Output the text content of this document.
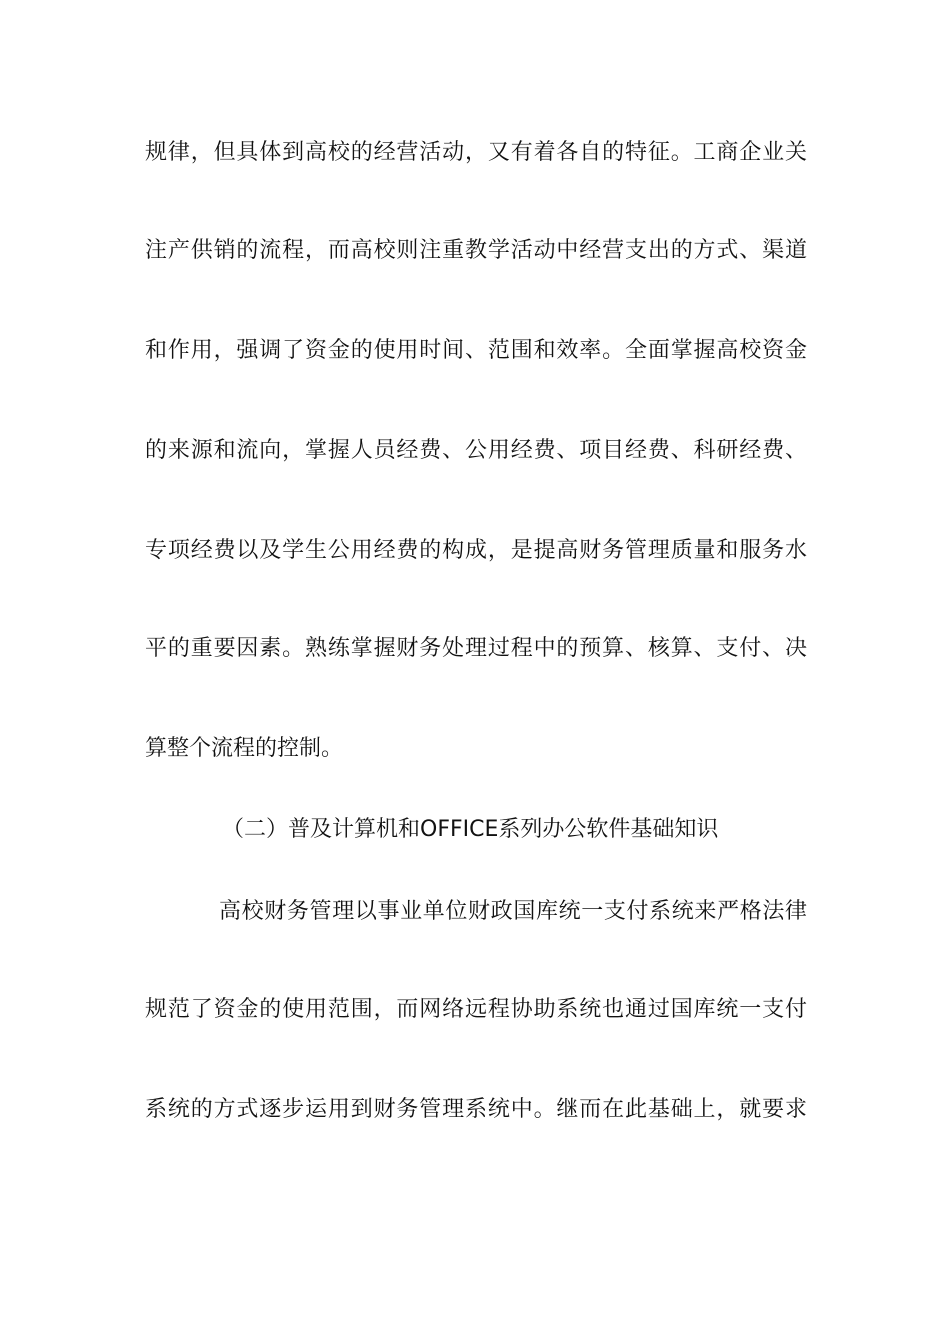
规律，但具体到高校的经营活动，又有着各自的特征。工商企业关
注产供销的流程，而高校则注重教学活动中经营支出的方式、渠道
和作用，强调了资金的使用时间、范围和效率。全面掌握高校资金
的来源和流向，掌握人员经费、公用经费、项目经费、科研经费、
专项经费以及学生公用经费的构成，是提高财务管理质量和服务水
平的重要因素。熟练掌握财务处理过程中的预算、核算、支付、决
算整个流程的控制。
（二）普及计算机和OFFICE系列办公软件基础知识
高校财务管理以事业单位财政国库统一支付系统来严格法律
规范了资金的使用范围，而网络远程协助系统也通过国库统一支付
系统的方式逐步运用到财务管理系统中。继而在此基础上，就要求
